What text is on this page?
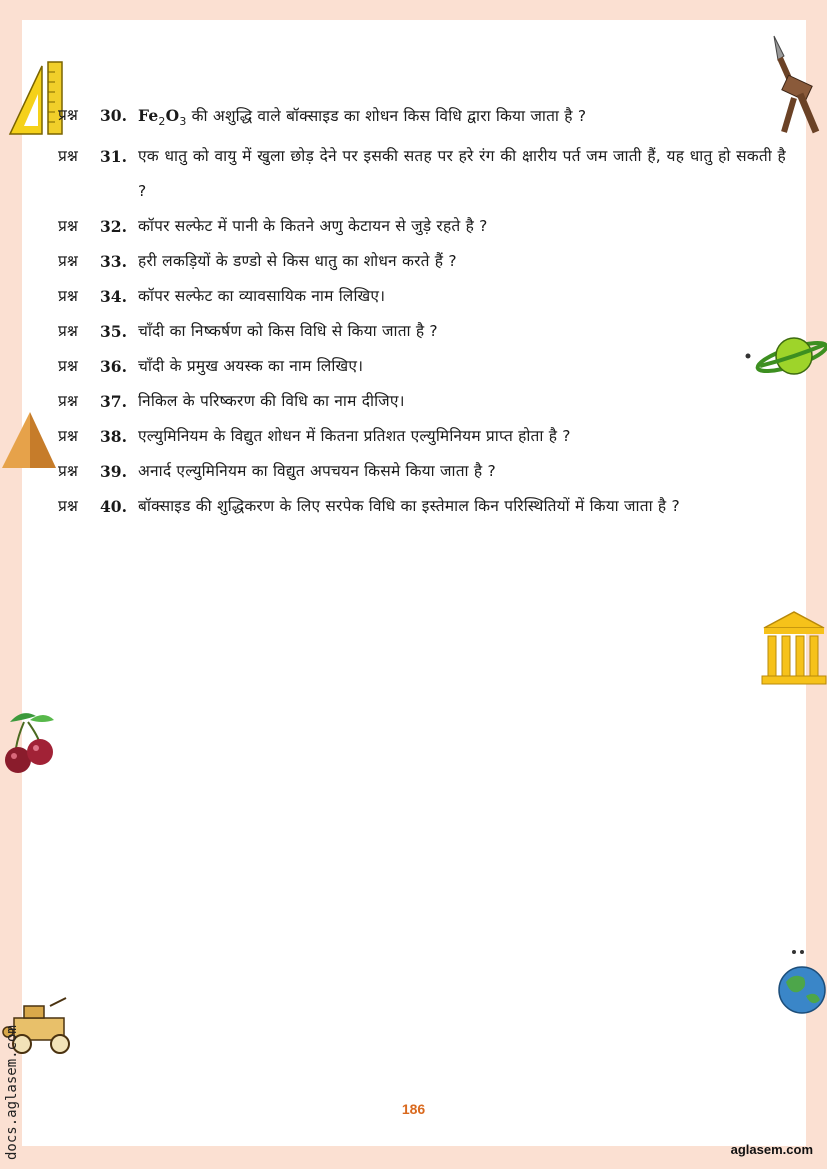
प्रश्न	30. $Fe_2O_3$ की अशुद्धि वाले बॉक्साइड का शोधन किस विधि द्वारा किया जाता है ?
प्रश्न	31. एक धातु को वायु में खुला छोड़ देने पर इसकी सतह पर हरे रंग की क्षारीय पर्त जम जाती हैं, यह धातु हो सकती है ?
प्रश्न	32. कॉपर सल्फेट में पानी के कितने अणु केटायन से जुड़े रहते है ?
प्रश्न	33. हरी लकड़ियों के डण्डो से किस धातु का शोधन करते हैं ?
प्रश्न	34. कॉपर सल्फेट का व्यावसायिक नाम लिखिए।
प्रश्न	35. चाँदी का निष्कर्षण को किस विधि से किया जाता है ?
प्रश्न	36. चाँदी के प्रमुख अयस्क का नाम लिखिए।
प्रश्न	37. निकिल के परिष्करण की विधि का नाम दीजिए।
प्रश्न	38. एल्युमिनियम के विद्युत शोधन में कितना प्रतिशत एल्युमिनियम प्राप्त होता है ?
प्रश्न	39. अनार्द एल्युमिनियम का विद्युत अपचयन किसमे किया जाता है ?
प्रश्न	40. बॉक्साइड की शुद्धिकरण के लिए सरपेक विधि का इस्तेमाल किन परिस्थितियों में किया जाता है ?
186
docs.aglasem.com	aglasem.com
